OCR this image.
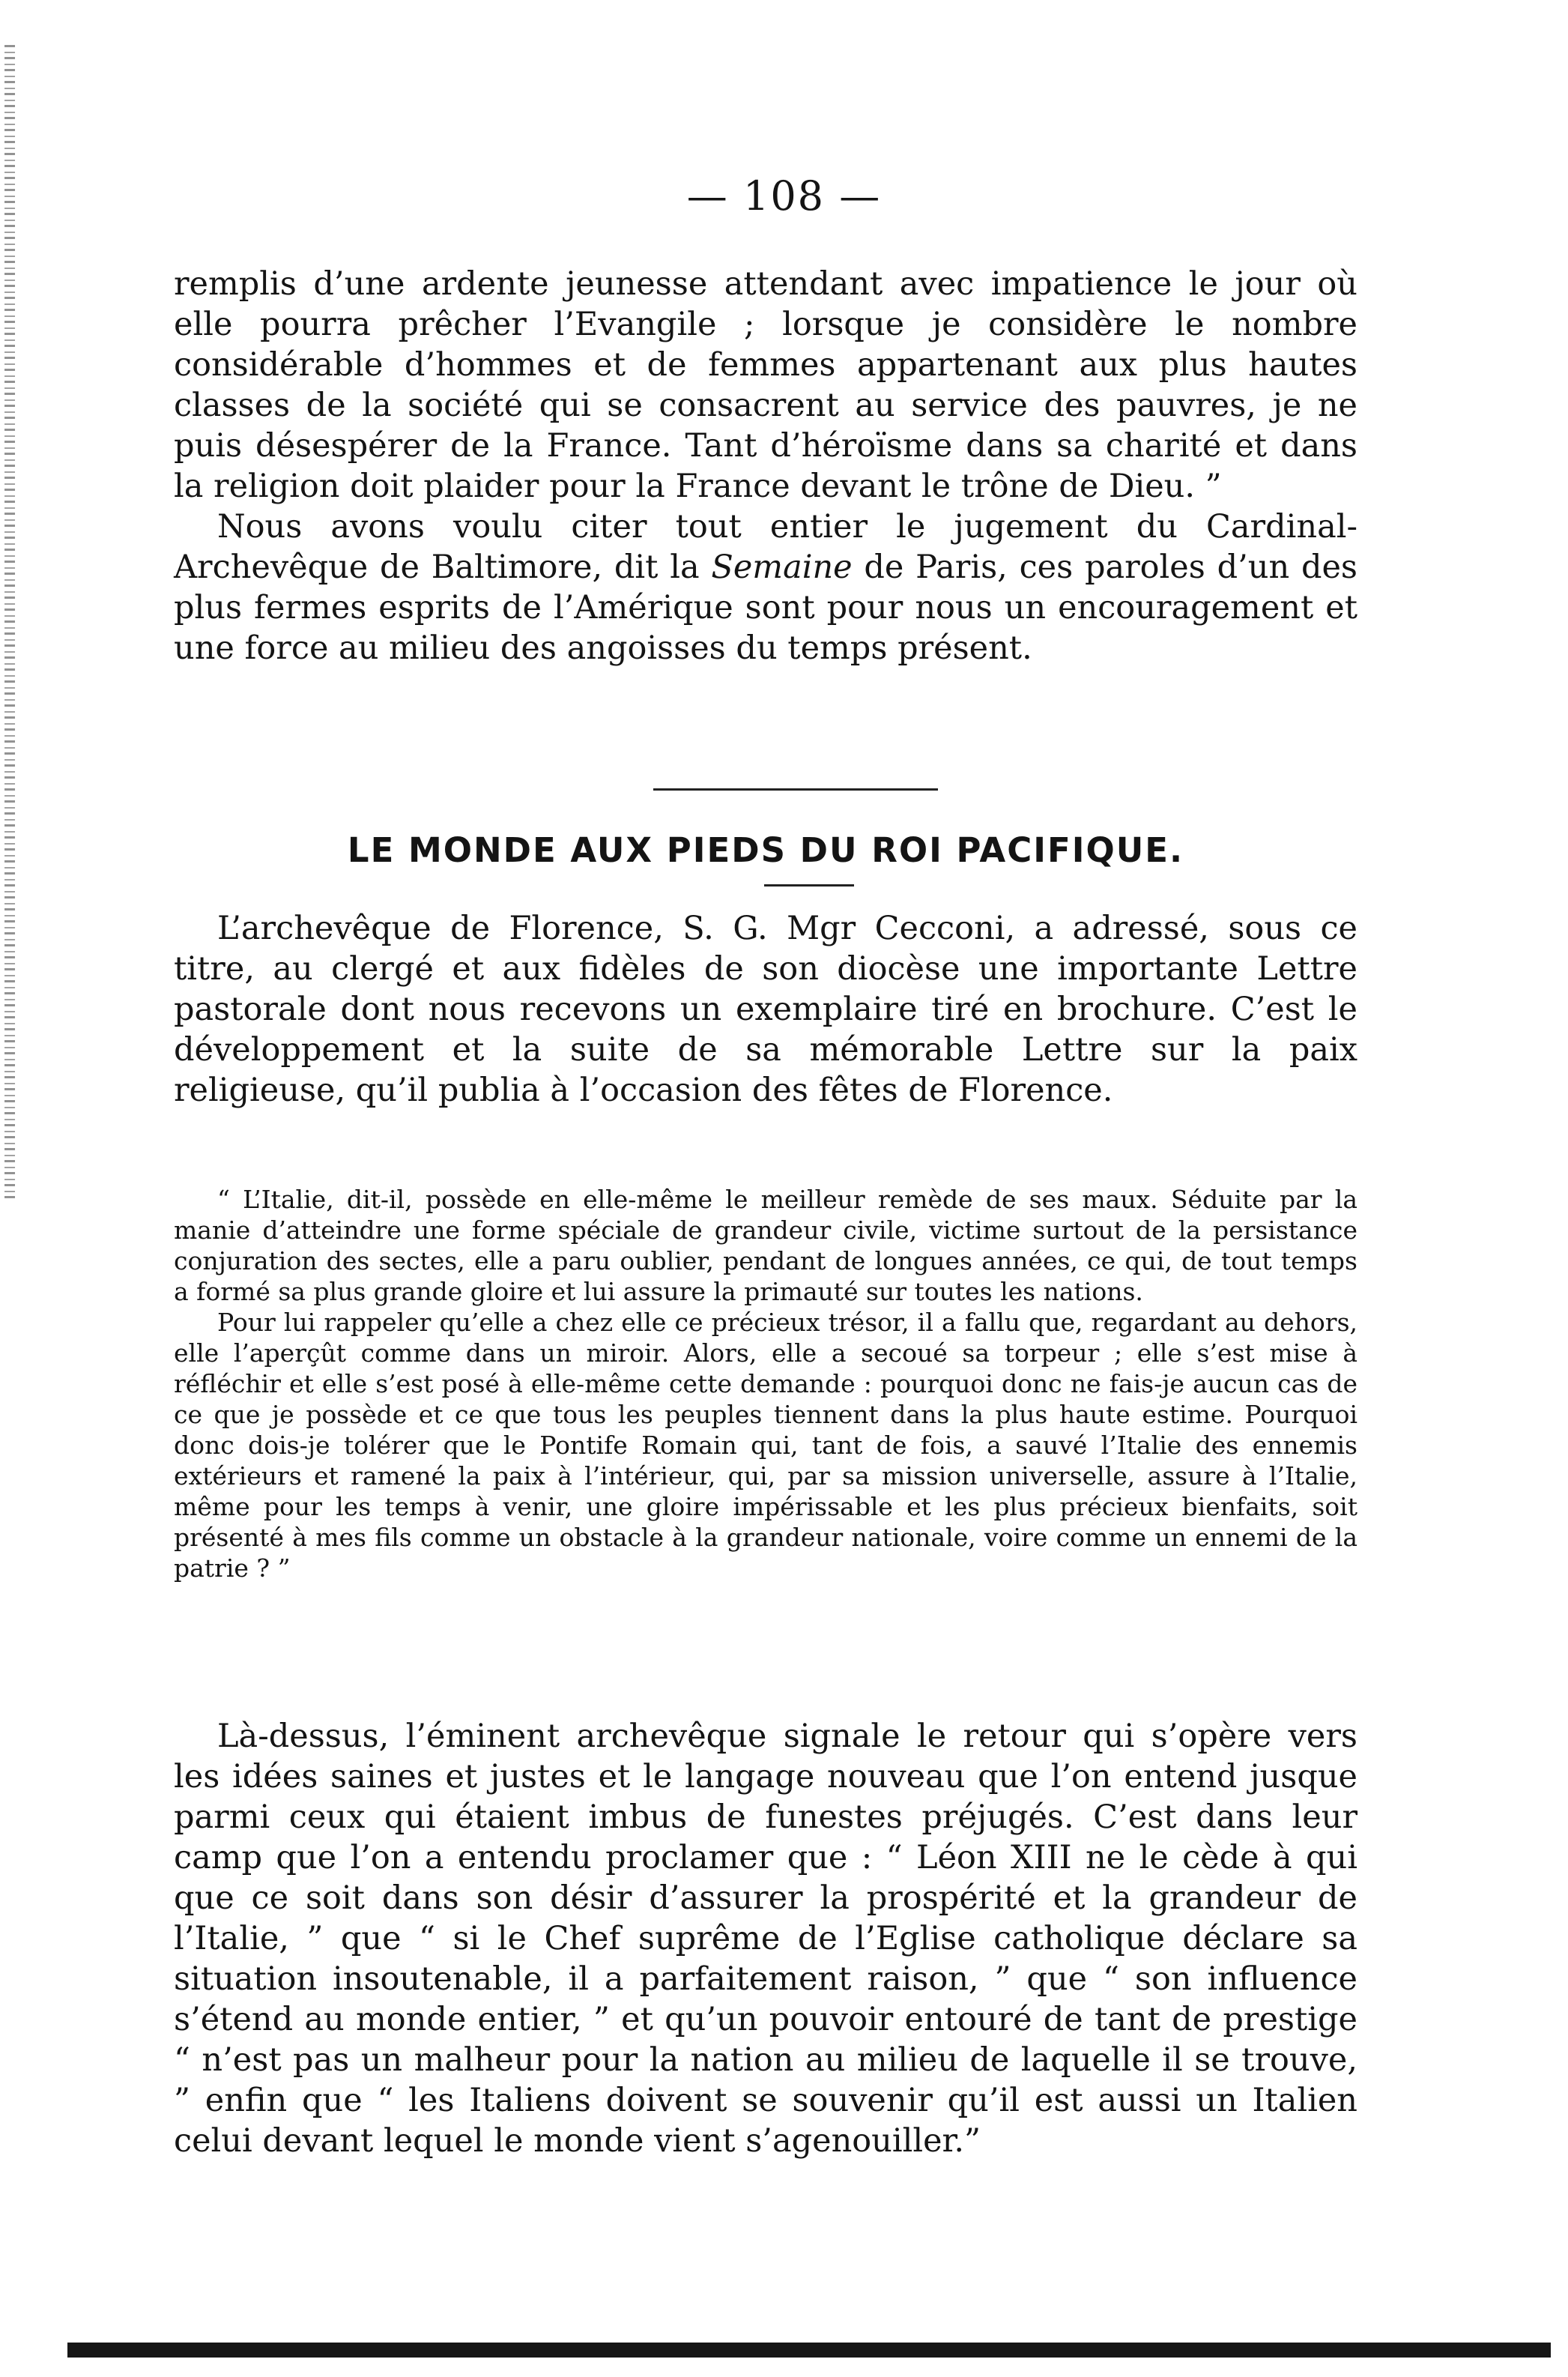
— 108 —

remplis d’une ardente jeunesse attendant avec impatience le jour où elle pourra prêcher l’Evangile ; lorsque je considère le nombre considérable d’hommes et de femmes appartenant aux plus hautes classes de la société qui se consacrent au service des pauvres, je ne puis désespérer de la France. Tant d’héroïsme dans sa charité et dans la religion doit plaider pour la France devant le trône de Dieu. ”

Nous avons voulu citer tout entier le jugement du Cardinal-Archevêque de Baltimore, dit la Semaine de Paris, ces paroles d’un des plus fermes esprits de l’Amérique sont pour nous un encouragement et une force au milieu des angoisses du temps présent.

LE MONDE AUX PIEDS DU ROI PACIFIQUE.

L’archevêque de Florence, S. G. Mgr Cecconi, a adressé, sous ce titre, au clergé et aux fidèles de son diocèse une importante Lettre pastorale dont nous recevons un exemplaire tiré en brochure. C’est le développement et la suite de sa mémorable Lettre sur la paix religieuse, qu’il publia à l’occasion des fêtes de Florence.

“ L’Italie, dit-il, possède en elle-même le meilleur remède de ses maux. Séduite par la manie d’atteindre une forme spéciale de grandeur civile, victime surtout de la persistance conjuration des sectes, elle a paru oublier, pendant de longues années, ce qui, de tout temps a formé sa plus grande gloire et lui assure la primauté sur toutes les nations.

Pour lui rappeler qu’elle a chez elle ce précieux trésor, il a fallu que, regardant au dehors, elle l’aperçût comme dans un miroir. Alors, elle a secoué sa torpeur ; elle s’est mise à réfléchir et elle s’est posé à elle-même cette demande : pourquoi donc ne fais-je aucun cas de ce que je possède et ce que tous les peuples tiennent dans la plus haute estime. Pourquoi donc dois-je tolérer que le Pontife Romain qui, tant de fois, a sauvé l’Italie des ennemis extérieurs et ramené la paix à l’intérieur, qui, par sa mission universelle, assure à l’Italie, même pour les temps à venir, une gloire impérissable et les plus précieux bienfaits, soit présenté à mes fils comme un obstacle à la grandeur nationale, voire comme un ennemi de la patrie ? ”

Là-dessus, l’éminent archevêque signale le retour qui s’opère vers les idées saines et justes et le langage nouveau que l’on entend jusque parmi ceux qui étaient imbus de funestes préjugés. C’est dans leur camp que l’on a entendu proclamer que : “ Léon XIII ne le cède à qui que ce soit dans son désir d’assurer la prospérité et la grandeur de l’Italie, ” que “ si le Chef suprême de l’Eglise catholique déclare sa situation insoutenable, il a parfaitement raison, ” que “ son influence s’étend au monde entier, ” et qu’un pouvoir entouré de tant de prestige “ n’est pas un malheur pour la nation au milieu de laquelle il se trouve, ” enfin que “ les Italiens doivent se souvenir qu’il est aussi un Italien celui devant lequel le monde vient s’agenouiller.”
